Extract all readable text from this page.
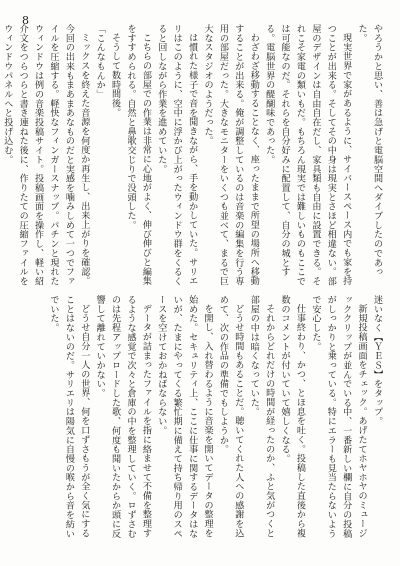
8

やろうかと思い、善は急げと電脳空間へダイブしたのであった。

現実世界で家があるように、サイバースペース内でも家を持つことが出来る。そしてその中身は現実とさほど相違ない。部屋のデザインは自由自在だし、家具類も自由に設置できる。それこそ家電の類いもだ。もちろん現実では難しいものもここでは可能なのだ。それらを自分好みに配置して、自分の城とする。電脳世界の醍醐味であった。

わざわざ移動することなく、座ったままで所望の場所へ移動することが出来る。俺が調整しているのは音楽の編集を行う専用の部屋だった。大きなモニターをいくつも並べて、まるで巨大なスタジオのようだった。

は慣れた様子で音を聞きながら、手を動かしていた。サリエリはこのように、空中に浮かび上がったウィンドウ群をくるくると回しながら作業を進めていた。

こちらの部屋での作業は非常に心地がよく、伸び伸びと編集をすすめられる。自然と鼻歌交じりで没頭した。

そうして数時間後。

「こんなもんか」

ミックスを終えた音源を何度か再生し、出来上がりを確認。今回の出来もまあまあなものだと実感を噛みしめて一つでファイルを圧縮する。軽快なフィンガースナップ。パチンと現れたウィンドウは例の音楽投稿サイト。投稿画面を操作し、軽い紹介文をつらつらと書き連ねた後に、作りたての圧縮ファイルをウィンドウパネルへと投げ込む。

迷いなく【ＹＥＳ】をタップ。

新規投稿画面をチェック。あげたてホヤホヤのミュージッククリップが並んでいる中、一番新しい欄に自分の投稿がしっかりと乗っている。特にエラーも見当たらないようで安心した。

仕事終わり、かつ、とほ息を吐く。投稿した直後から複数のコメントが付いていて嬉しくなる。

それからどれだけの時間が経ったのか、ふと気がつくと部屋の中は暗くなっていた。

どうせ時間もあることだ。聴いてくれた人への感謝を込めて、次の作品の準備でもしようか。

を開し、入れ替わるように音楽を開いてデータの整理を始めた。セキュリティ上、ここに仕事に関するデータはないが、たまにやってくる繁忙期に備えて持ち帰り用のスペースを空けておかねばならない。

データが詰まったファイルを指に絡ませて不備を整理するような感覚で次々と倉庫の中を整理していく。ロずさむのは先程アップロードした歌、何度も聞いたからか頭に反響して離れていかない。

どうせ自分一人の世界、何を口ずさもうが全く気にすることはないのだ。サリエリは陽気に自慢の喉から音を紡いでいた。
